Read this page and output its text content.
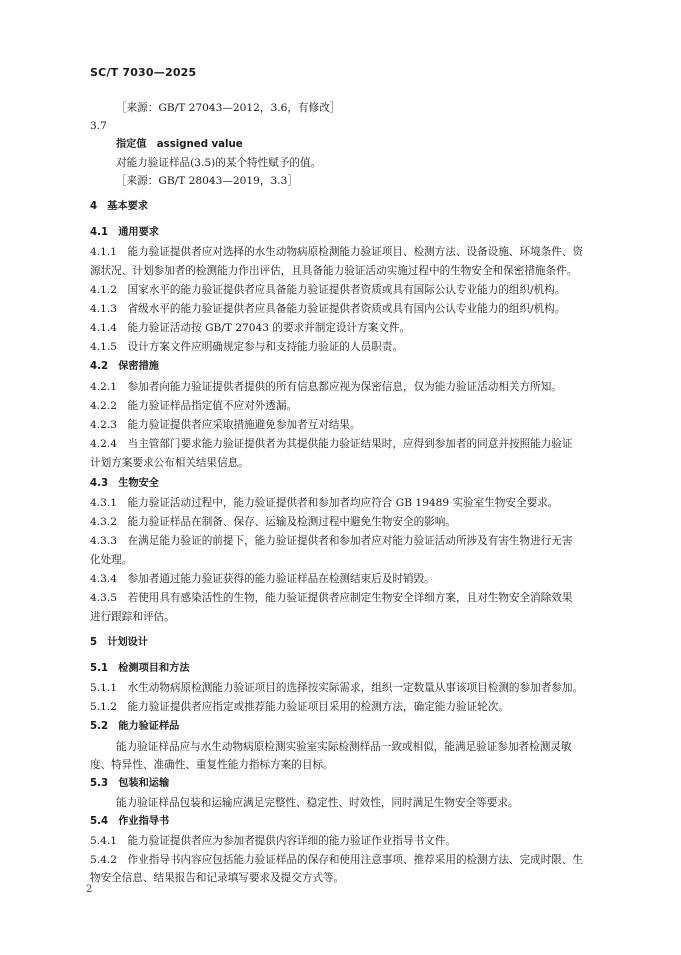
SC/T 7030—2025
［来源：GB/T 27043—2012，3.6，有修改］
3.7
指定值　assigned value
对能力验证样品(3.5)的某个特性赋予的值。
［来源：GB/T 28043—2019，3.3］
4　基本要求
4.1　通用要求
4.1.1　能力验证提供者应对选择的水生动物病原检测能力验证项目、检测方法、设备设施、环境条件、资
源状况、计划参加者的检测能力作出评估，且具备能力验证活动实施过程中的生物安全和保密措施条件。
4.1.2　国家水平的能力验证提供者应具备能力验证提供者资质或具有国际公认专业能力的组织/机构。
4.1.3　省级水平的能力验证提供者应具备能力验证提供者资质或具有国内公认专业能力的组织/机构。
4.1.4　能力验证活动按 GB/T 27043 的要求并制定设计方案文件。
4.1.5　设计方案文件应明确规定参与和支持能力验证的人员职责。
4.2　保密措施
4.2.1　参加者向能力验证提供者提供的所有信息都应视为保密信息，仅为能力验证活动相关方所知。
4.2.2　能力验证样品指定值不应对外透漏。
4.2.3　能力验证提供者应采取措施避免参加者互对结果。
4.2.4　当主管部门要求能力验证提供者为其提供能力验证结果时，应得到参加者的同意并按照能力验证
计划方案要求公布相关结果信息。
4.3　生物安全
4.3.1　能力验证活动过程中，能力验证提供者和参加者均应符合 GB 19489 实验室生物安全要求。
4.3.2　能力验证样品在制备、保存、运输及检测过程中避免生物安全的影响。
4.3.3　在满足能力验证的前提下，能力验证提供者和参加者应对能力验证活动所涉及有害生物进行无害
化处理。
4.3.4　参加者通过能力验证获得的能力验证样品在检测结束后及时销毁。
4.3.5　若使用具有感染活性的生物，能力验证提供者应制定生物安全详细方案，且对生物安全消除效果
进行跟踪和评估。
5　计划设计
5.1　检测项目和方法
5.1.1　水生动物病原检测能力验证项目的选择按实际需求，组织一定数量从事该项目检测的参加者参加。
5.1.2　能力验证提供者应指定或推荐能力验证项目采用的检测方法，确定能力验证轮次。
5.2　能力验证样品
能力验证样品应与水生动物病原检测实验室实际检测样品一致或相似，能满足验证参加者检测灵敏
度、特异性、准确性、重复性能力指标方案的目标。
5.3　包装和运输
能力验证样品包装和运输应满足完整性、稳定性、时效性，同时满足生物安全等要求。
5.4　作业指导书
5.4.1　能力验证提供者应为参加者提供内容详细的能力验证作业指导书文件。
5.4.2　作业指导书内容应包括能力验证样品的保存和使用注意事项、推荐采用的检测方法、完成时限、生
物安全信息、结果报告和记录填写要求及提交方式等。
2
